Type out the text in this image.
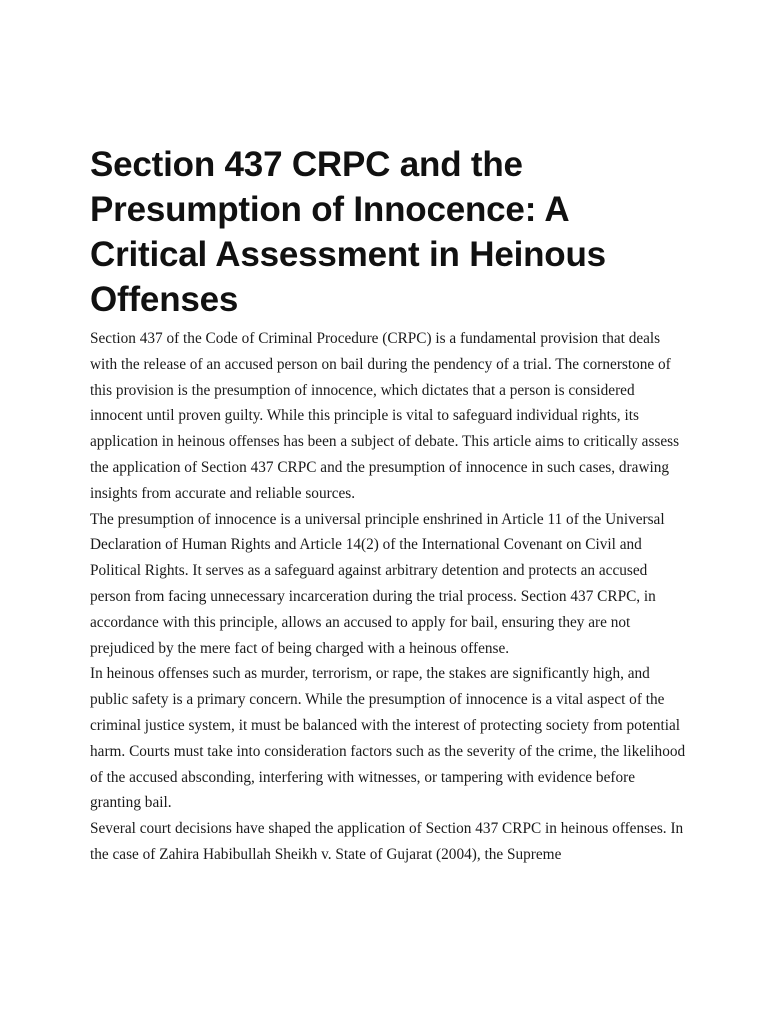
Section 437 CRPC and the Presumption of Innocence: A Critical Assessment in Heinous Offenses

Section 437 of the Code of Criminal Procedure (CRPC) is a fundamental provision that deals with the release of an accused person on bail during the pendency of a trial. The cornerstone of this provision is the presumption of innocence, which dictates that a person is considered innocent until proven guilty. While this principle is vital to safeguard individual rights, its application in heinous offenses has been a subject of debate. This article aims to critically assess the application of Section 437 CRPC and the presumption of innocence in such cases, drawing insights from accurate and reliable sources.

The presumption of innocence is a universal principle enshrined in Article 11 of the Universal Declaration of Human Rights and Article 14(2) of the International Covenant on Civil and Political Rights. It serves as a safeguard against arbitrary detention and protects an accused person from facing unnecessary incarceration during the trial process. Section 437 CRPC, in accordance with this principle, allows an accused to apply for bail, ensuring they are not prejudiced by the mere fact of being charged with a heinous offense.

In heinous offenses such as murder, terrorism, or rape, the stakes are significantly high, and public safety is a primary concern. While the presumption of innocence is a vital aspect of the criminal justice system, it must be balanced with the interest of protecting society from potential harm. Courts must take into consideration factors such as the severity of the crime, the likelihood of the accused absconding, interfering with witnesses, or tampering with evidence before granting bail.

Several court decisions have shaped the application of Section 437 CRPC in heinous offenses. In the case of Zahira Habibullah Sheikh v. State of Gujarat (2004), the Supreme
